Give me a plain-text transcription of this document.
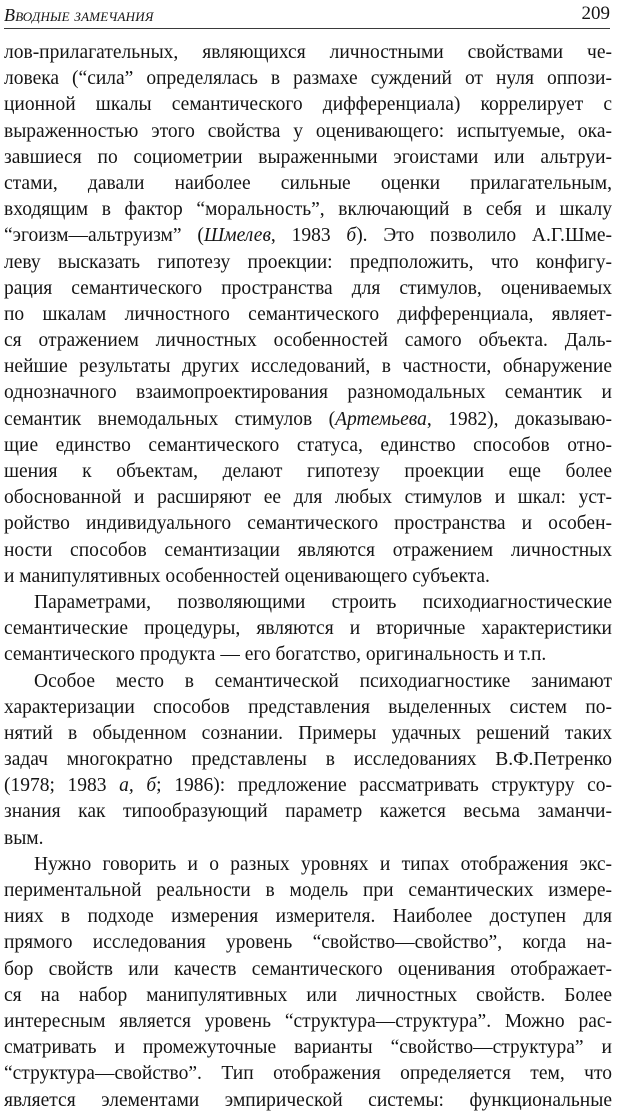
Вводные замечания	209
лов-прилагательных, являющихся личностными свойствами че-
ловека (“сила” определялась в размахе суждений от нуля оппози-
ционной шкалы семантического дифференциала) коррелирует с
выраженностью этого свойства у оценивающего: испытуемые, ока-
завшиеся по социометрии выраженными эгоистами или альтруи-
стами, давали наиболее сильные оценки прилагательным,
входящим в фактор “моральность”, включающий в себя и шкалу
“эгоизм—альтруизм” (Шмелев, 1983 б). Это позволило А.Г.Шме-
леву высказать гипотезу проекции: предположить, что конфигу-
рация семантического пространства для стимулов, оцениваемых
по шкалам личностного семантического дифференциала, являет-
ся отражением личностных особенностей самого объекта. Даль-
нейшие результаты других исследований, в частности, обнаружение
однозначного взаимопроектирования разномодальных семантик и
семантик внемодальных стимулов (Артемьева, 1982), доказываю-
щие единство семантического статуса, единство способов отно-
шения к объектам, делают гипотезу проекции еще более
обоснованной и расширяют ее для любых стимулов и шкал: уст-
ройство индивидуального семантического пространства и особен-
ности способов семантизации являются отражением личностных
и манипулятивных особенностей оценивающего субъекта.
Параметрами, позволяющими строить психодиагностические
семантические процедуры, являются и вторичные характеристики
семантического продукта — его богатство, оригинальность и т.п.
Особое место в семантической психодиагностике занимают
характеризации способов представления выделенных систем по-
нятий в обыденном сознании. Примеры удачных решений таких
задач многократно представлены в исследованиях В.Ф.Петренко
(1978; 1983 а, б; 1986): предложение рассматривать структуру со-
знания как типообразующий параметр кажется весьма заманчи-
вым.
Нужно говорить и о разных уровнях и типах отображения экс-
периментальной реальности в модель при семантических измере-
ниях в подходе измерения измерителя. Наиболее доступен для
прямого исследования уровень “свойство—свойство”, когда на-
бор свойств или качеств семантического оценивания отображает-
ся на набор манипулятивных или личностных свойств. Более
интересным является уровень “структура—структура”. Можно рас-
сматривать и промежуточные варианты “свойство—структура” и
“структура—свойство”. Тип отображения определяется тем, что
является элементами эмпирической системы: функциональные
